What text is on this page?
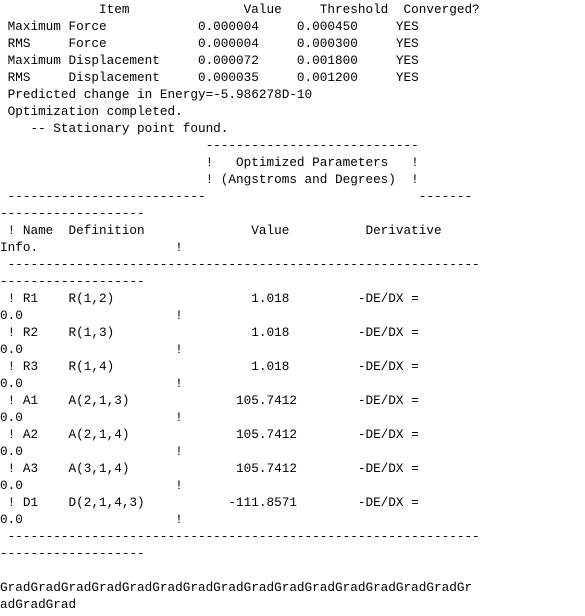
Item               Value     Threshold  Converged?
Maximum Force            0.000004     0.000450     YES
RMS     Force            0.000004     0.000300     YES
Maximum Displacement     0.000072     0.001800     YES
RMS     Displacement     0.000035     0.001200     YES
Predicted change in Energy=-5.986278D-10
Optimization completed.
-- Stationary point found.
----------------------------
!   Optimized Parameters   !
! (Angstroms and Degrees)  !
--------------------------                            -------
-------------------
! Name  Definition              Value          Derivative
Info.                  !
--------------------------------------------------------------
-------------------
! R1    R(1,2)                  1.018         -DE/DX =
0.0                    !
! R2    R(1,3)                  1.018         -DE/DX =
0.0                    !
! R3    R(1,4)                  1.018         -DE/DX =
0.0                    !
! A1    A(2,1,3)              105.7412        -DE/DX =
0.0                    !
! A2    A(2,1,4)              105.7412        -DE/DX =
0.0                    !
! A3    A(3,1,4)              105.7412        -DE/DX =
0.0                    !
! D1    D(2,1,4,3)           -111.8571        -DE/DX =
0.0                    !
--------------------------------------------------------------
-------------------
GradGradGradGradGradGradGradGradGradGradGradGradGradGradGradGr
adGradGrad
